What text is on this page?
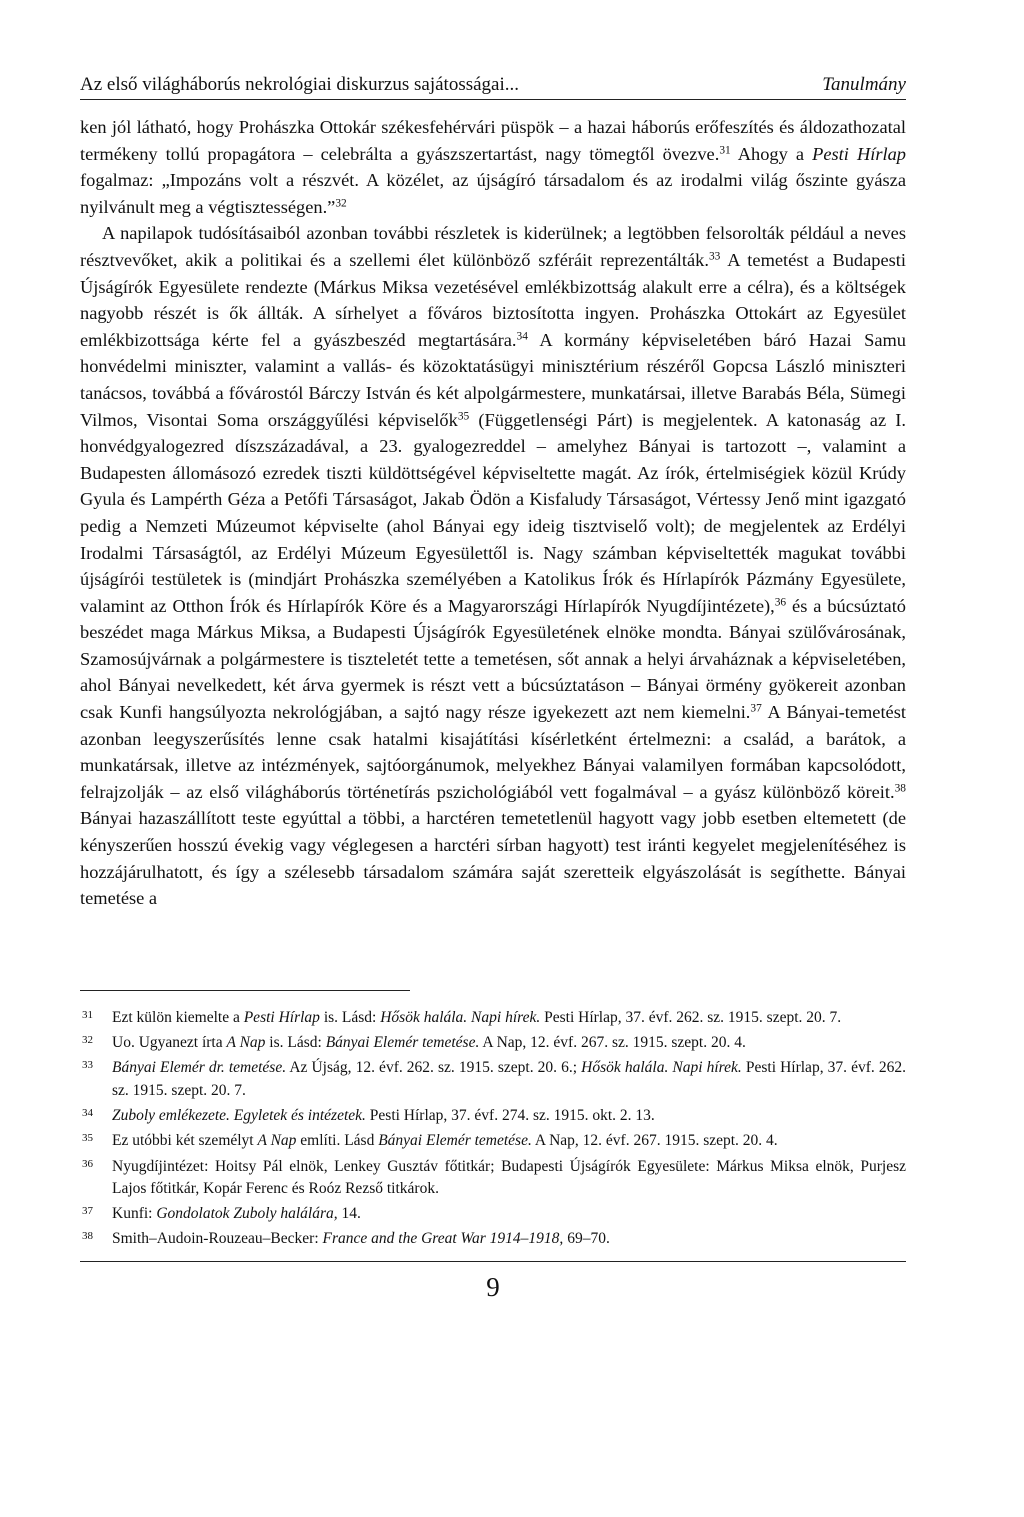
Az első világháborús nekrológiai diskurzus sajátosságai...	Tanulmány

ken jól látható, hogy Prohászka Ottokár székesfehérvári püspök – a hazai háborús erőfeszítés és áldozathozatal termékeny tollú propagátora – celebrálta a gyászszertartást, nagy tömegtől övezve.$^{31}$ Ahogy a Pesti Hírlap fogalmaz: „Impozáns volt a részvét. A közélet, az újságíró társadalom és az irodalmi világ őszinte gyásza nyilvánult meg a végtisztességen.”$^{32}$

A napilapok tudósításaiból azonban további részletek is kiderülnek; a legtöbben felsorolták például a neves résztvevőket, akik a politikai és a szellemi élet különböző szféráit reprezentálták.$^{33}$ A temetést a Budapesti Újságírók Egyesülete rendezte (Márkus Miksa vezetésével emlékbizottság alakult erre a célra), és a költségek nagyobb részét is ők állták. A sírhelyet a főváros biztosította ingyen. Prohászka Ottokárt az Egyesület emlékbizottsága kérte fel a gyászbeszéd megtartására.$^{34}$ A kormány képviseletében báró Hazai Samu honvédelmi miniszter, valamint a vallás- és közoktatásügyi minisztérium részéről Gopcsa László miniszteri tanácsos, továbbá a fővárostól Bárczy István és két alpolgármestere, munkatársai, illetve Barabás Béla, Sümegi Vilmos, Visontai Soma országgyűlési képviselők$^{35}$ (Függetlenségi Párt) is megjelentek. A katonaság az I. honvédgyalogezred díszszázadával, a 23. gyalogezreddel – amelyhez Bányai is tartozott –, valamint a Budapesten állomásozó ezredek tiszti küldöttségével képviseltette magát. Az írók, értelmiségiek közül Krúdy Gyula és Lampérth Géza a Petőfi Társaságot, Jakab Ödön a Kisfaludy Társaságot, Vértessy Jenő mint igazgató pedig a Nemzeti Múzeumot képviselte (ahol Bányai egy ideig tisztviselő volt); de megjelentek az Erdélyi Irodalmi Társaságtól, az Erdélyi Múzeum Egyesülettől is. Nagy számban képviseltették magukat további újságírói testületek is (mindjárt Prohászka személyében a Katolikus Írók és Hírlapírók Pázmány Egyesülete, valamint az Otthon Írók és Hírlapírók Köre és a Magyarországi Hírlapírók Nyugdíjintézete),$^{36}$ és a búcsúztató beszédet maga Márkus Miksa, a Budapesti Újságírók Egyesületének elnöke mondta. Bányai szülővárosának, Szamosújvárnak a polgármestere is tiszteletét tette a temetésen, sőt annak a helyi árvaháznak a képviseletében, ahol Bányai nevelkedett, két árva gyermek is részt vett a búcsúztatáson – Bányai örmény gyökereit azonban csak Kunfi hangsúlyozta nekrológjában, a sajtó nagy része igyekezett azt nem kiemelni.$^{37}$ A Bányai-temetést azonban leegyszerűsítés lenne csak hatalmi kisajátítási kísérletként értelmezni: a család, a barátok, a munkatársak, illetve az intézmények, sajtóorgánumok, melyekhez Bányai valamilyen formában kapcsolódott, felrajzolják – az első világháborús történetírás pszichológiából vett fogalmával – a gyász különböző köreit.$^{38}$ Bányai hazaszállított teste egyúttal a többi, a harctéren temetetlenül hagyott vagy jobb esetben eltemetett (de kényszerűen hosszú évekig vagy véglegesen a harctéri sírban hagyott) test iránti kegyelet megjelenítéséhez is hozzájárulhatott, és így a szélesebb társadalom számára saját szeretteik elgyászolását is segíthette. Bányai temetése a

31	Ezt külön kiemelte a Pesti Hírlap is. Lásd: Hősök halála. Napi hírek. Pesti Hírlap, 37. évf. 262. sz. 1915. szept. 20. 7.
32	Uo. Ugyanezt írta A Nap is. Lásd: Bányai Elemér temetése. A Nap, 12. évf. 267. sz. 1915. szept. 20. 4.
33	Bányai Elemér dr. temetése. Az Újság, 12. évf. 262. sz. 1915. szept. 20. 6.; Hősök halála. Napi hírek. Pesti Hírlap, 37. évf. 262. sz. 1915. szept. 20. 7.
34	Zuboly emlékezete. Egyletek és intézetek. Pesti Hírlap, 37. évf. 274. sz. 1915. okt. 2. 13.
35	Ez utóbbi két személyt A Nap említi. Lásd Bányai Elemér temetése. A Nap, 12. évf. 267. 1915. szept. 20. 4.
36	Nyugdíjintézet: Hoitsy Pál elnök, Lenkey Gusztáv főtitkár; Budapesti Újságírók Egyesülete: Márkus Miksa elnök, Purjesz Lajos főtitkár, Kopár Ferenc és Roóz Rezső titkárok.
37	Kunfi: Gondolatok Zuboly halálára, 14.
38	Smith–Audoin-Rouzeau–Becker: France and the Great War 1914–1918, 69–70.
9
